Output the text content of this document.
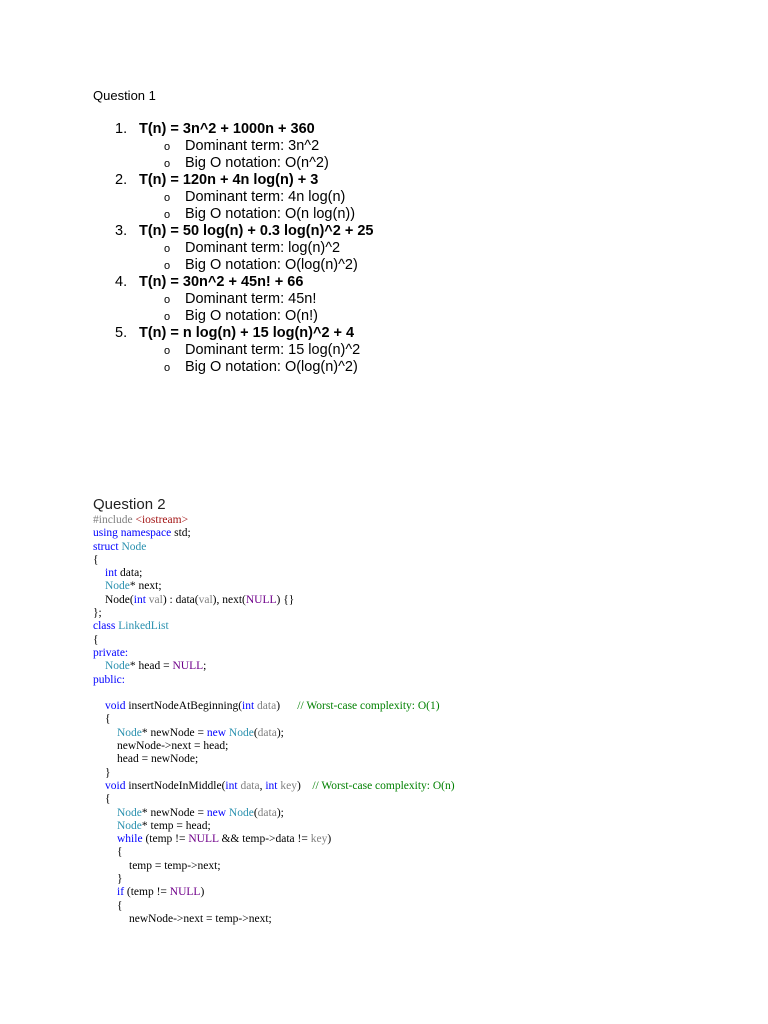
Question 1
1. T(n) = 3n^2 + 1000n + 360
o Dominant term: 3n^2
o Big O notation: O(n^2)
2. T(n) = 120n + 4n log(n) + 3
o Dominant term: 4n log(n)
o Big O notation: O(n log(n))
3. T(n) = 50 log(n) + 0.3 log(n)^2 + 25
o Dominant term: log(n)^2
o Big O notation: O(log(n)^2)
4. T(n) = 30n^2 + 45n! + 66
o Dominant term: 45n!
o Big O notation: O(n!)
5. T(n) = n log(n) + 15 log(n)^2 + 4
o Dominant term: 15 log(n)^2
o Big O notation: O(log(n)^2)
Question 2
#include <iostream>
using namespace std;
struct Node
{
int data;
Node* next;
Node(int val) : data(val), next(NULL) {}
};
class LinkedList
{
private:
Node* head = NULL;
public:

void insertNodeAtBeginning(int data) // Worst-case complexity: O(1)
{
Node* newNode = new Node(data);
newNode->next = head;
head = newNode;
}
void insertNodeInMiddle(int data, int key) // Worst-case complexity: O(n)
{
Node* newNode = new Node(data);
Node* temp = head;
while (temp != NULL && temp->data != key)
{
temp = temp->next;
}
if (temp != NULL)
{
newNode->next = temp->next;
